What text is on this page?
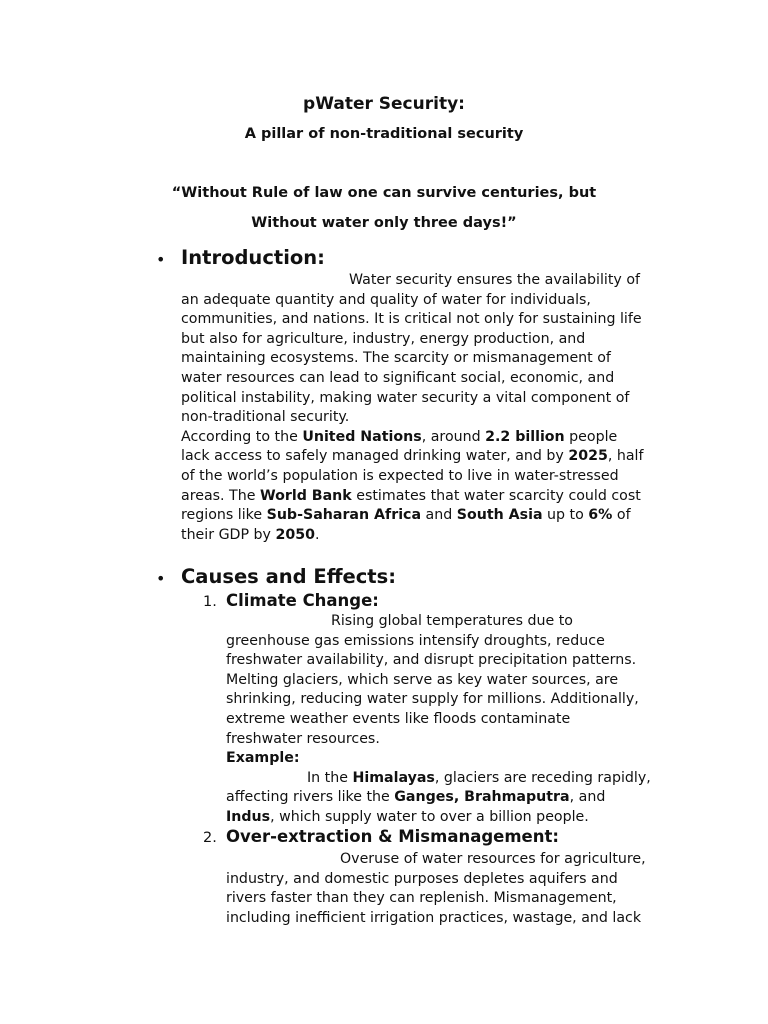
pWater Security:
A pillar of non-traditional security
“Without Rule of law one can survive centuries, but
Without water only three days!”
• Introduction:
Water security ensures the availability of
an adequate quantity and quality of water for individuals,
communities, and nations. It is critical not only for sustaining life
but also for agriculture, industry, energy production, and
maintaining ecosystems. The scarcity or mismanagement of
water resources can lead to significant social, economic, and
political instability, making water security a vital component of
non-traditional security.
According to the United Nations, around 2.2 billion people
lack access to safely managed drinking water, and by 2025, half
of the world’s population is expected to live in water-stressed
areas. The World Bank estimates that water scarcity could cost
regions like Sub-Saharan Africa and South Asia up to 6% of
their GDP by 2050.
• Causes and Effects:
1. Climate Change:
Rising global temperatures due to
greenhouse gas emissions intensify droughts, reduce
freshwater availability, and disrupt precipitation patterns.
Melting glaciers, which serve as key water sources, are
shrinking, reducing water supply for millions. Additionally,
extreme weather events like floods contaminate
freshwater resources.
Example:
In the Himalayas, glaciers are receding rapidly,
affecting rivers like the Ganges, Brahmaputra, and
Indus, which supply water to over a billion people.
2. Over-extraction & Mismanagement:
Overuse of water resources for agriculture,
industry, and domestic purposes depletes aquifers and
rivers faster than they can replenish. Mismanagement,
including inefficient irrigation practices, wastage, and lack
